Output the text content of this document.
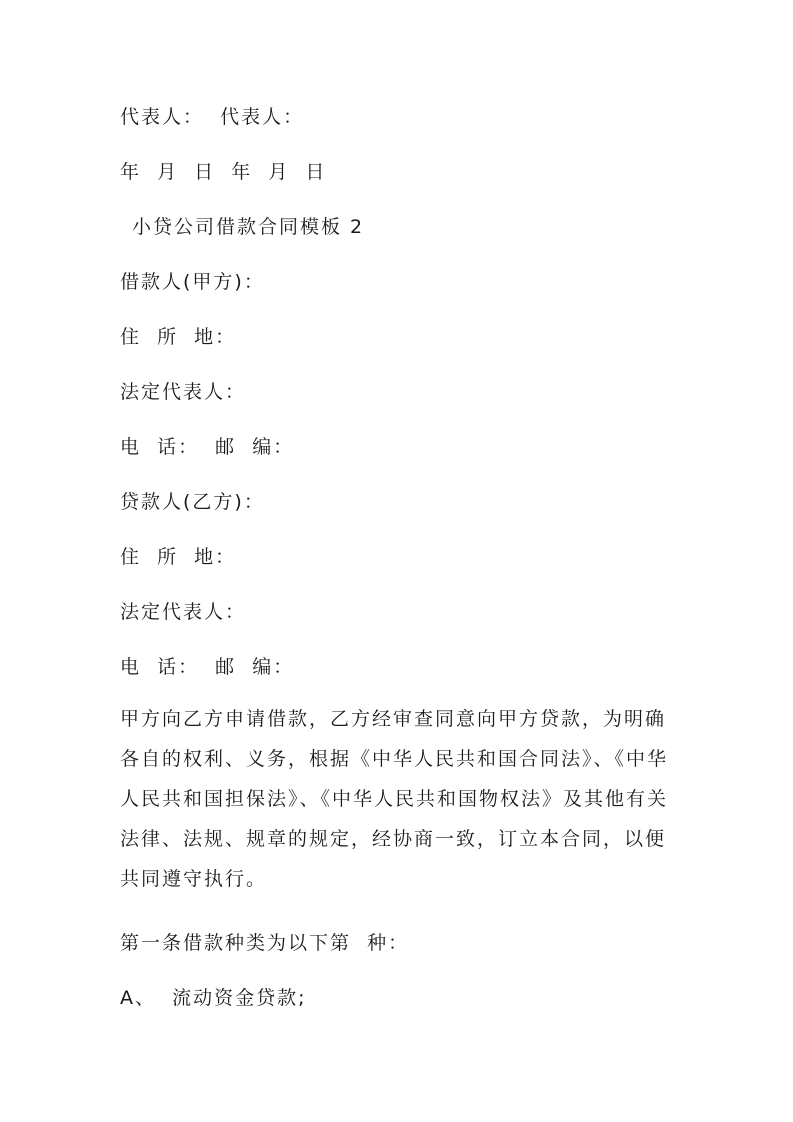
代表人：  代表人：
年  月  日  年  月  日
小贷公司借款合同模板 2
借款人(甲方)：
住  所  地：
法定代表人：
电  话：  邮  编：
贷款人(乙方)：
住  所  地：
法定代表人：
电  话：  邮  编：
甲方向乙方申请借款，乙方经审查同意向甲方贷款，为明确
各自的权利、义务，根据《中华人民共和国合同法》、《中华
人民共和国担保法》、《中华人民共和国物权法》及其他有关
法律、法规、规章的规定，经协商一致，订立本合同，以便
共同遵守执行。
第一条借款种类为以下第  种：
A、  流动资金贷款;
